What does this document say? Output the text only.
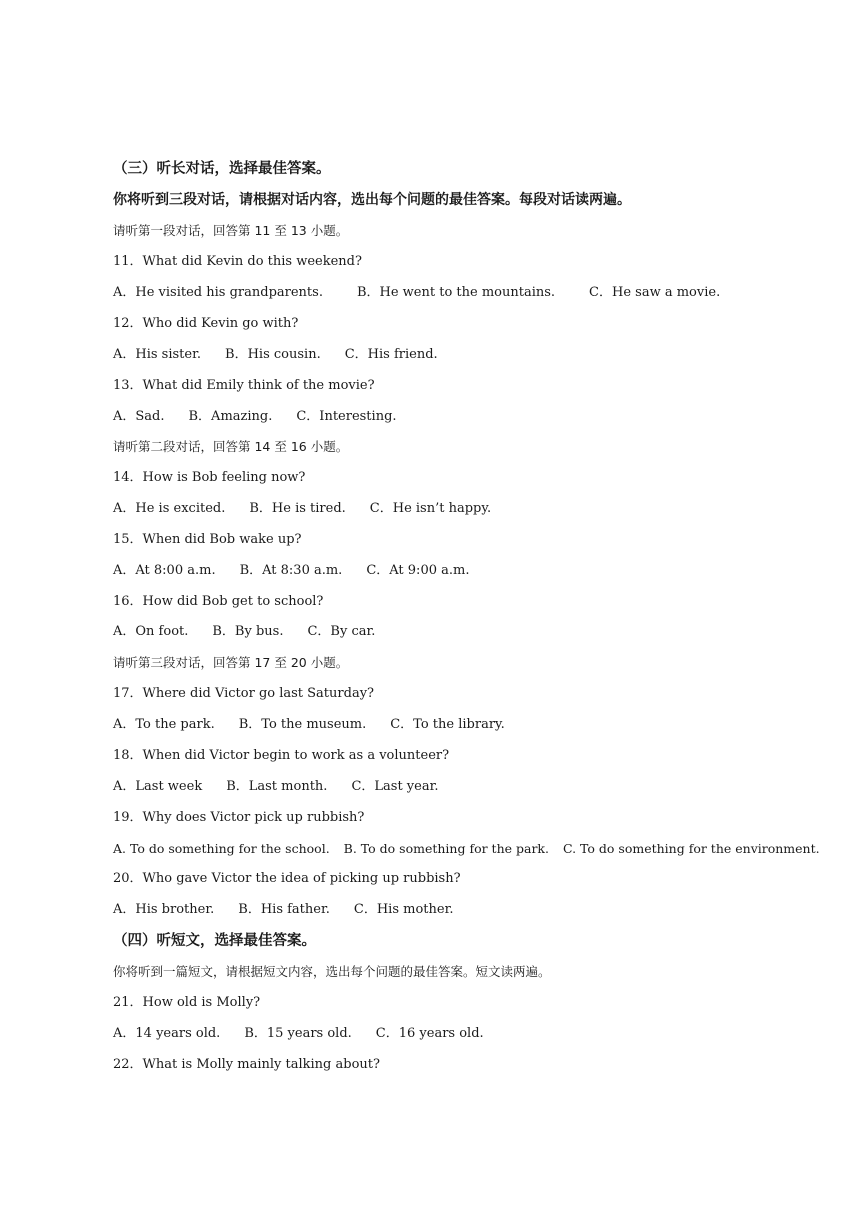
（三）听长对话，选择最佳答案。
你将听到三段对话，请根据对话内容，选出每个问题的最佳答案。每段对话读两遍。
请听第一段对话，回答第 11 至 13 小题。
11．What did Kevin do this weekend?
A．He visited his grandparents.	B．He went to the mountains.	C．He saw a movie.
12．Who did Kevin go with?
A．His sister. B．His cousin. C．His friend.
13．What did Emily think of the movie?
A．Sad. B．Amazing. C．Interesting.
请听第二段对话，回答第 14 至 16 小题。
14．How is Bob feeling now?
A．He is excited. B．He is tired. C．He isn’t happy.
15．When did Bob wake up?
A．At 8:00 a.m. B．At 8:30 a.m. C．At 9:00 a.m.
16．How did Bob get to school?
A．On foot. B．By bus. C．By car.
请听第三段对话，回答第 17 至 20 小题。
17．Where did Victor go last Saturday?
A．To the park. B．To the museum. C．To the library.
18．When did Victor begin to work as a volunteer?
A．Last week B．Last month. C．Last year.
19．Why does Victor pick up rubbish?
A. To do something for the school. B. To do something for the park. C. To do something for the environment.
20．Who gave Victor the idea of picking up rubbish?
A．His brother. B．His father. C．His mother.
（四）听短文，选择最佳答案。
你将听到一篇短文，请根据短文内容，选出每个问题的最佳答案。短文读两遍。
21．How old is Molly?
A．14 years old. B．15 years old. C．16 years old.
22．What is Molly mainly talking about?
